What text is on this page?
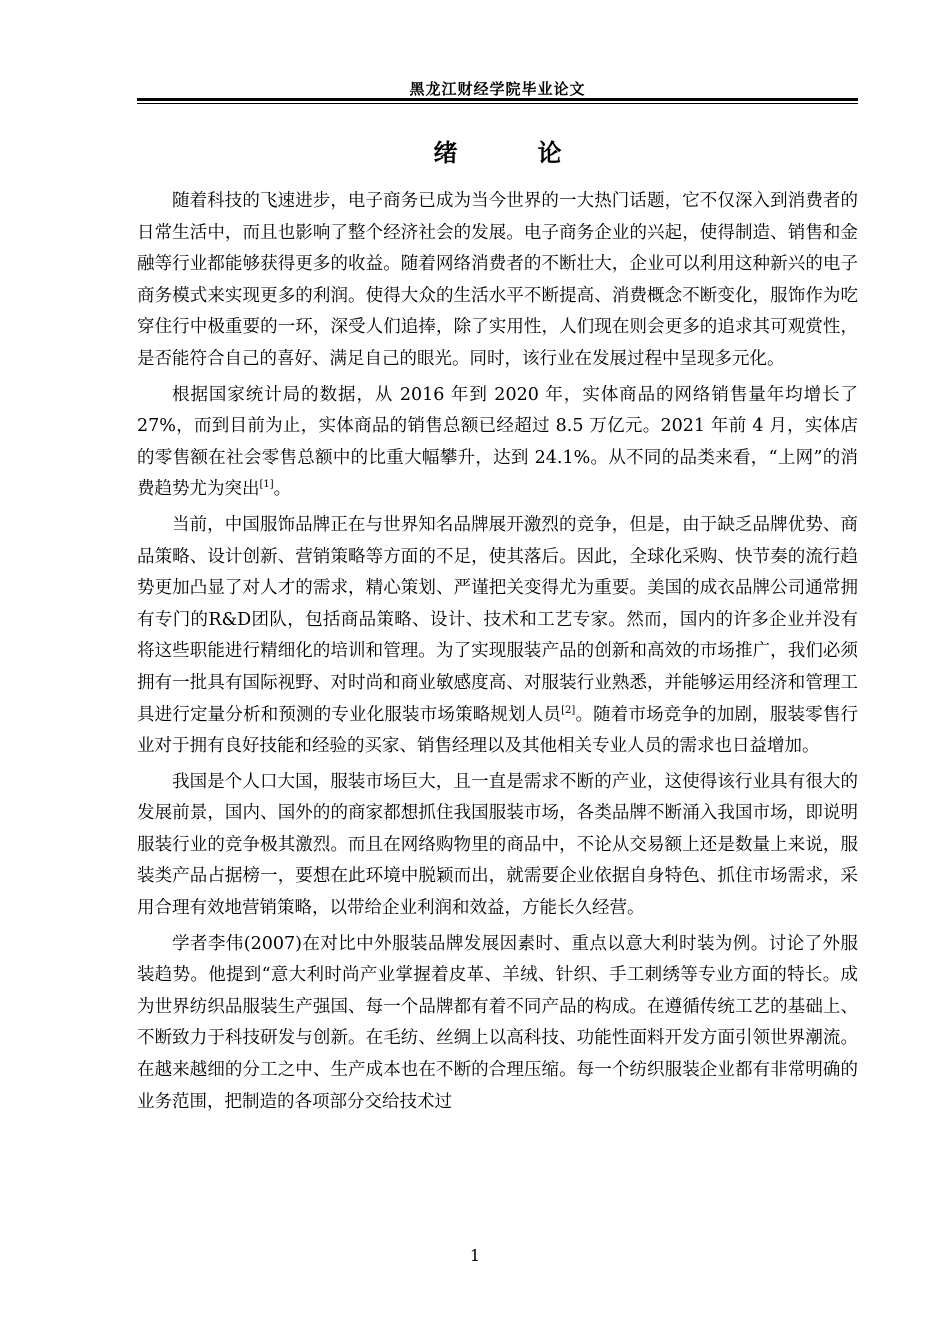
黑龙江财经学院毕业论文
绪论

随着科技的飞速进步，电子商务已成为当今世界的一大热门话题，它不仅深入到消费者的日常生活中，而且也影响了整个经济社会的发展。电子商务企业的兴起，使得制造、销售和金融等行业都能够获得更多的收益。随着网络消费者的不断壮大，企业可以利用这种新兴的电子商务模式来实现更多的利润。使得大众的生活水平不断提高、消费概念不断变化，服饰作为吃穿住行中极重要的一环，深受人们追捧，除了实用性，人们现在则会更多的追求其可观赏性，是否能符合自己的喜好、满足自己的眼光。同时，该行业在发展过程中呈现多元化。

根据国家统计局的数据，从 2016 年到 2020 年，实体商品的网络销售量年均增长了 27%，而到目前为止，实体商品的销售总额已经超过 8.5 万亿元。2021 年前 4 月，实体店的零售额在社会零售总额中的比重大幅攀升，达到 24.1%。从不同的品类来看，“上网”的消费趋势尤为突出[1]。

当前，中国服饰品牌正在与世界知名品牌展开激烈的竞争，但是，由于缺乏品牌优势、商品策略、设计创新、营销策略等方面的不足，使其落后。因此，全球化采购、快节奏的流行趋势更加凸显了对人才的需求，精心策划、严谨把关变得尤为重要。美国的成衣品牌公司通常拥有专门的R&D团队，包括商品策略、设计、技术和工艺专家。然而，国内的许多企业并没有将这些职能进行精细化的培训和管理。为了实现服装产品的创新和高效的市场推广，我们必须拥有一批具有国际视野、对时尚和商业敏感度高、对服装行业熟悉，并能够运用经济和管理工具进行定量分析和预测的专业化服装市场策略规划人员[2]。随着市场竞争的加剧，服装零售行业对于拥有良好技能和经验的买家、销售经理以及其他相关专业人员的需求也日益增加。

我国是个人口大国，服装市场巨大，且一直是需求不断的产业，这使得该行业具有很大的发展前景，国内、国外的的商家都想抓住我国服装市场，各类品牌不断涌入我国市场，即说明服装行业的竞争极其激烈。而且在网络购物里的商品中，不论从交易额上还是数量上来说，服装类产品占据榜一，要想在此环境中脱颖而出，就需要企业依据自身特色、抓住市场需求，采用合理有效地营销策略，以带给企业利润和效益，方能长久经营。

学者李伟(2007)在对比中外服装品牌发展因素时、重点以意大利时装为例。讨论了外服装趋势。他提到“意大利时尚产业掌握着皮革、羊绒、针织、手工刺绣等专业方面的特长。成为世界纺织品服装生产强国、每一个品牌都有着不同产品的构成。在遵循传统工艺的基础上、不断致力于科技研发与创新。在毛纺、丝绸上以高科技、功能性面料开发方面引领世界潮流。在越来越细的分工之中、生产成本也在不断的合理压缩。每一个纺织服装企业都有非常明确的业务范围，把制造的各项部分交给技术过

1
